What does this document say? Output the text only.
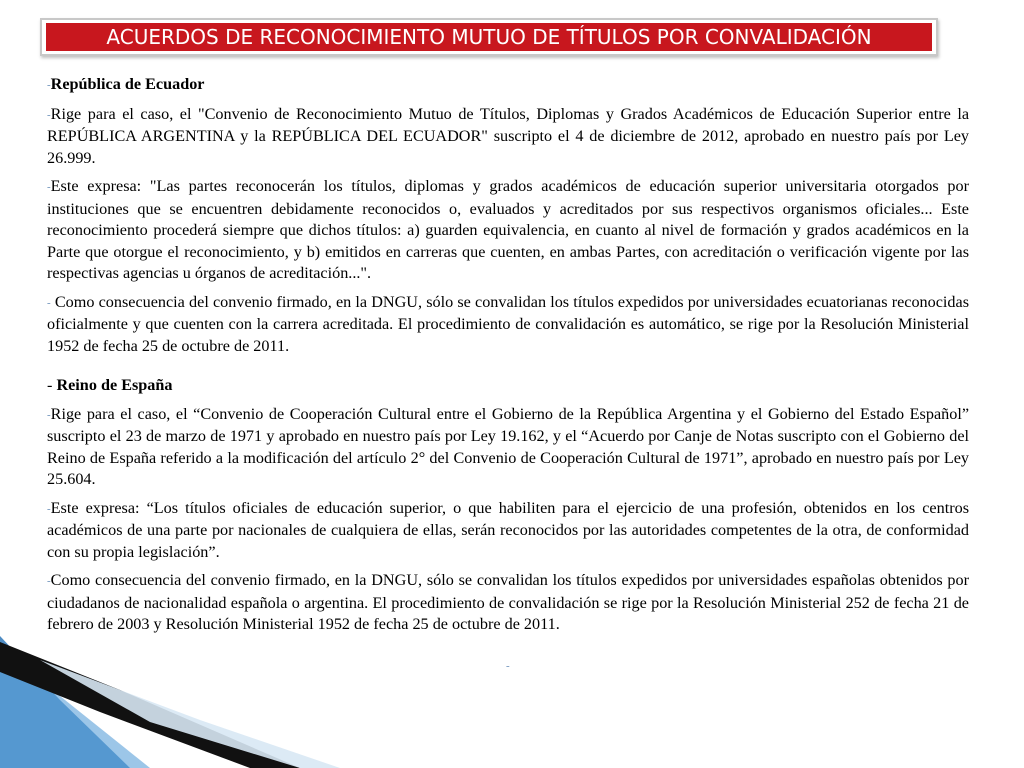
ACUERDOS DE RECONOCIMIENTO MUTUO DE TÍTULOS POR CONVALIDACIÓN

-República de Ecuador

-Rige para el caso, el "Convenio de Reconocimiento Mutuo de Títulos, Diplomas y Grados Académicos de Educación Superior entre la REPÚBLICA ARGENTINA y la REPÚBLICA DEL ECUADOR" suscripto el 4 de diciembre de 2012, aprobado en nuestro país por Ley 26.999.

-Este expresa: "Las partes reconocerán los títulos, diplomas y grados académicos de educación superior universitaria otorgados por instituciones que se encuentren debidamente reconocidos o, evaluados y acreditados por sus respectivos organismos oficiales... Este reconocimiento procederá siempre que dichos títulos: a) guarden equivalencia, en cuanto al nivel de formación y grados académicos en la Parte que otorgue el reconocimiento, y b) emitidos en carreras que cuenten, en ambas Partes, con acreditación o verificación vigente por las respectivas agencias u órganos de acreditación...".

- Como consecuencia del convenio firmado, en la DNGU, sólo se convalidan los títulos expedidos por universidades ecuatorianas reconocidas oficialmente y que cuenten con la carrera acreditada. El procedimiento de convalidación es automático, se rige por la Resolución Ministerial 1952 de fecha 25 de octubre de 2011.

- Reino de España

-Rige para el caso, el “Convenio de Cooperación Cultural entre el Gobierno de la República Argentina y el Gobierno del Estado Español” suscripto el 23 de marzo de 1971 y aprobado en nuestro país por Ley 19.162, y el “Acuerdo por Canje de Notas suscripto con el Gobierno del Reino de España referido a la modificación del artículo 2° del Convenio de Cooperación Cultural de 1971”, aprobado en nuestro país por Ley 25.604.

-Este expresa: “Los títulos oficiales de educación superior, o que habiliten para el ejercicio de una profesión, obtenidos en los centros académicos de una parte por nacionales de cualquiera de ellas, serán reconocidos por las autoridades competentes de la otra, de conformidad con su propia legislación”.

-Como consecuencia del convenio firmado, en la DNGU, sólo se convalidan los títulos expedidos por universidades españolas obtenidos por ciudadanos de nacionalidad española o argentina. El procedimiento de convalidación se rige por la Resolución Ministerial 252 de fecha 21 de febrero de 2003 y Resolución Ministerial 1952 de fecha 25 de octubre de 2011.

-
